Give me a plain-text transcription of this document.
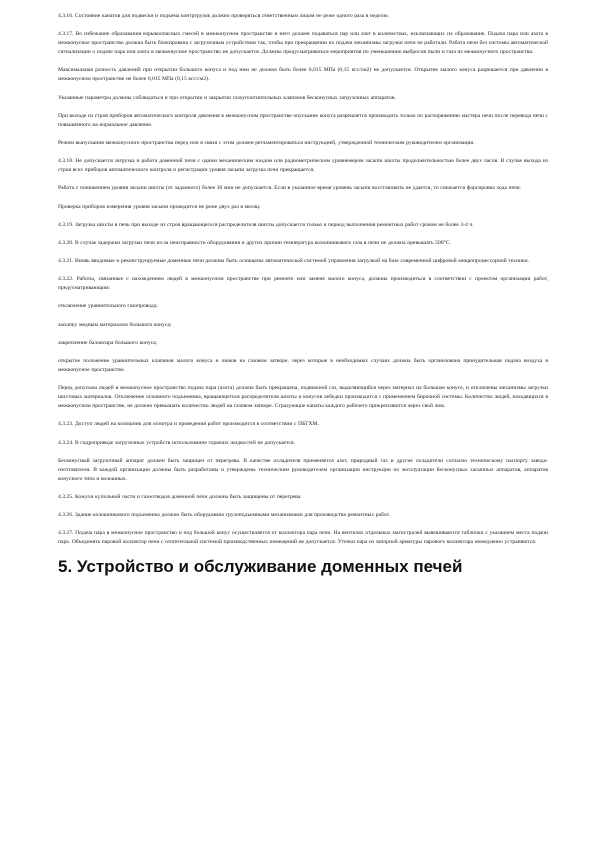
4.3.16. Состояние канатов для подвески и подъема контргрузов должно проверяться ответственным лицом не реже одного раза в неделю.

4.3.17. Во избежание образования взрывоопасных смесей в межконусном пространстве в него должен подаваться пар или азот в количествах, исключающих их образование. Подача пара или азота в межконусное пространство должна быть блокирована с загрузочным устройством так, чтобы при прекращении их подачи механизмы загрузки печи не работали. Работа печи без системы автоматической сигнализации о подаче пара или азота в межконусное пространство не допускается. Должны предусматриваться мероприятия по уменьшению выбросов пыли и газа из межконусного пространства.

Максимальная разность давлений при открытии большого конуса и под ним не должна быть более 0,015 МПа (0,15 кгс/см2) не допускается. Открытие малого конуса разрешается при давлении в межконусном пространстве не более 0,015 МПа (0,15 кгс/см2).

Указанные параметры должны соблюдаться и при открытии и закрытии газоуплотнительных клапанов бесконусных загрузочных аппаратов.

При выходе из строя приборов автоматического контроля давления в межконусном пространстве опускание конуса разрешается производить только по распоряжению мастера печи после перевода печи с повышенного на нормальное давление.

Режим выпускания межконусного пространства перед или в связи с этим должен регламентироваться инструкцией, утвержденной техническим руководителем организации.

4.3.18. Не допускается загрузка и работа доменной печи с одним механическим зондом или радиометрическим уровнемером засыпи шихты продолжительностью более двух часов. В случае выхода из строя всех приборов автоматического контроля и регистрации уровня засыпи загрузка печи прекращается.

Работа с понижением уровня засыпи шихты (от заданного) более 30 мин не допускается. Если в указанное время уровень засыпи восстановить не удается, то снижается форсировка хода печи.

Проверка приборов измерения уровня засыпи проводится не реже двух раз в месяц.

4.3.19. Загрузка шихты в печь при выходе из строя вращающегося распределителя шихты допускается только в период выполнения ремонтных работ сроком не более 3-4 ч.

4.3.20. В случае задержки загрузки печи из-за неисправности оборудования и других причин температура колошникового газа в печи не должна превышать 500°С.

4.3.21. Вновь вводимые и реконструируемые доменные печи должны быть оснащены автоматической системой управления загрузкой на базе современной цифровой микропроцессорной техники.

4.3.22. Работы, связанные с нахождением людей в межконусном пространстве при ремонте или замене малого конуса, должны производиться в соответствии с проектом организации работ, предусматривающим:

отключение уравнительного газопровода;

засыпку медным материалом большого конуса;

закрепление балансира большого конуса;

открытое положение уравнительных клапанов малого конуса и люков на газовом затворе, через которые в необходимых случаях должна быть организована принудительная подача воздуха в межконусное пространство.

Перед допуском людей в межконусное пространство подача пара (азота) должна быть прекращена, подвижной газ, выделяющийся через материал на большом конусе, и отключены механизмы загрузки шихтовых материалов. Отключение основного подъемника, вращающегося распределителя шихты и конусов лебедки производится с применением бирочной системы. Количество людей, находящихся в межконусном пространстве, не должно превышать количество людей на газовом затворе. Страхующие канаты каждого рабочего прикрепляются через свой люк.

4.3.23. Доступ людей на колошник для осмотра и проведения работ производится в соответствии с ПБГХМ.

4.3.24. В гидроприводе загрузочных устройств использование горючих жидкостей не допускается.

Бесконусный загрузочный аппарат должен быть защищен от перегрева. В качестве охладителя применяется азот, природный газ и другие охладители согласно техническому паспорту завода-изготовителя. В каждой организации должны быть разработаны и утверждены техническим руководителем организации инструкции по эксплуатации бесконусных засыпных аппаратов, аппаратов конусного типа и колошных.

4.3.25. Кожухи купольной части и газоотводов доменной печи должны быть защищены от перегрева.

4.3.26. Здание колошникового подъемника должно быть оборудовано грузоподъемными механизмами для производства ремонтных работ.

4.3.27. Подача пара в межконусное пространство и под большой конус осуществляется от коллектора пара печи. На вентилях отдельных магистралей вывешиваются таблички с указанием места подачи пара. Объединять паровой коллектор печи с отопительной системой производственных помещений не допускается. Утечки пара из запорной арматуры парового коллектора немедленно устраняются.

5. Устройство и обслуживание доменных печей
